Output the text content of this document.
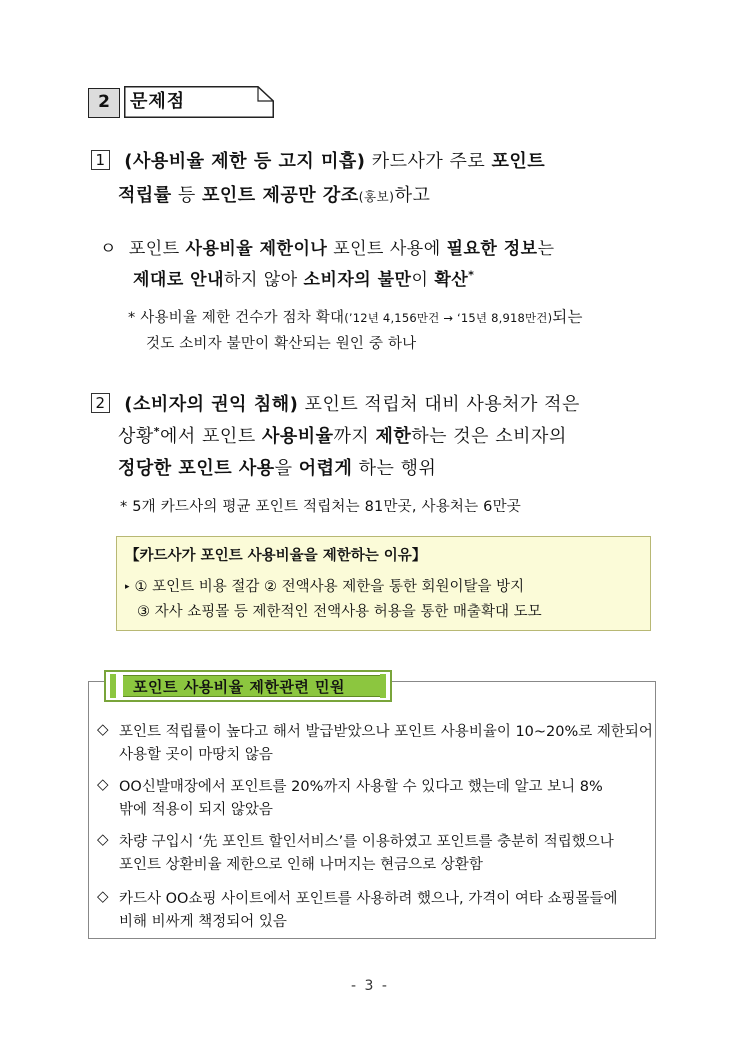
2	문제점
1 (사용비율 제한 등 고지 미흡) 카드사가 주로 포인트
적립률 등 포인트 제공만 강조(홍보)하고
ㅇ 포인트 사용비율 제한이나 포인트 사용에 필요한 정보는
제대로 안내하지 않아 소비자의 불만이 확산*
* 사용비율 제한 건수가 점차 확대(’12년 4,156만건 → ‘15년 8,918만건)되는
것도 소비자 불만이 확산되는 원인 중 하나
2 (소비자의 권익 침해) 포인트 적립처 대비 사용처가 적은
상황*에서 포인트 사용비율까지 제한하는 것은 소비자의
정당한 포인트 사용을 어렵게 하는 행위
* 5개 카드사의 평균 포인트 적립처는 81만곳, 사용처는 6만곳
【카드사가 포인트 사용비율을 제한하는 이유】
▸ ① 포인트 비용 절감 ② 전액사용 제한을 통한 회원이탈을 방지
③ 자사 쇼핑몰 등 제한적인 전액사용 허용을 통한 매출확대 도모
◇ 포인트 적립률이 높다고 해서 발급받았으나 포인트 사용비율이 10~20%로 제한되어
사용할 곳이 마땅치 않음
◇ OO신발매장에서 포인트를 20%까지 사용할 수 있다고 했는데 알고 보니 8%
밖에 적용이 되지 않았음
◇ 차량 구입시 ‘先 포인트 할인서비스’를 이용하였고 포인트를 충분히 적립했으나
포인트 상환비율 제한으로 인해 나머지는 현금으로 상환함
◇ 카드사 OO쇼핑 사이트에서 포인트를 사용하려 했으나, 가격이 여타 쇼핑몰들에
비해 비싸게 책정되어 있음
포인트 사용비율 제한관련 민원
- 3 -
